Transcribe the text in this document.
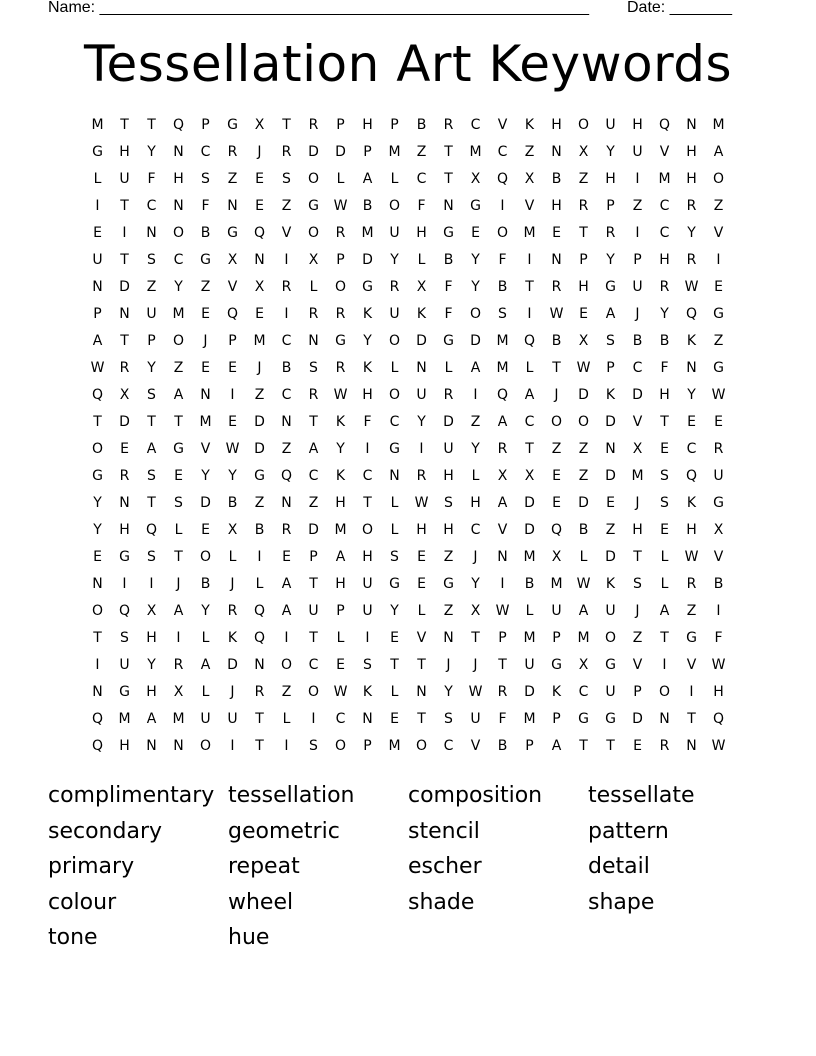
Name: _______________________________________________________ Date: _______
Tessellation Art Keywords
M	T	T	Q	P	G	X	T	R	P	H	P	B	R	C	V	K	H	O	U	H	Q	N	M
G	H	Y	N	C	R	J	R	D	D	P	M	Z	T	M	C	Z	N	X	Y	U	V	H	A
L	U	F	H	S	Z	E	S	O	L	A	L	C	T	X	Q	X	B	Z	H	I	M	H	O
I	T	C	N	F	N	E	Z	G	W	B	O	F	N	G	I	V	H	R	P	Z	C	R	Z
E	I	N	O	B	G	Q	V	O	R	M	U	H	G	E	O	M	E	T	R	I	C	Y	V
U	T	S	C	G	X	N	I	X	P	D	Y	L	B	Y	F	I	N	P	Y	P	H	R	I
N	D	Z	Y	Z	V	X	R	L	O	G	R	X	F	Y	B	T	R	H	G	U	R	W	E
P	N	U	M	E	Q	E	I	R	R	K	U	K	F	O	S	I	W	E	A	J	Y	Q	G
A	T	P	O	J	P	M	C	N	G	Y	O	D	G	D	M	Q	B	X	S	B	B	K	Z
W	R	Y	Z	E	E	J	B	S	R	K	L	N	L	A	M	L	T	W	P	C	F	N	G
Q	X	S	A	N	I	Z	C	R	W	H	O	U	R	I	Q	A	J	D	K	D	H	Y	W
T	D	T	T	M	E	D	N	T	K	F	C	Y	D	Z	A	C	O	O	D	V	T	E	E
O	E	A	G	V	W	D	Z	A	Y	I	G	I	U	Y	R	T	Z	Z	N	X	E	C	R
G	R	S	E	Y	Y	G	Q	C	K	C	N	R	H	L	X	X	E	Z	D	M	S	Q	U
Y	N	T	S	D	B	Z	N	Z	H	T	L	W	S	H	A	D	E	D	E	J	S	K	G
Y	H	Q	L	E	X	B	R	D	M	O	L	H	H	C	V	D	Q	B	Z	H	E	H	X
E	G	S	T	O	L	I	E	P	A	H	S	E	Z	J	N	M	X	L	D	T	L	W	V
N	I	I	J	B	J	L	A	T	H	U	G	E	G	Y	I	B	M	W	K	S	L	R	B
O	Q	X	A	Y	R	Q	A	U	P	U	Y	L	Z	X	W	L	U	A	U	J	A	Z	I
T	S	H	I	L	K	Q	I	T	L	I	E	V	N	T	P	M	P	M	O	Z	T	G	F
I	U	Y	R	A	D	N	O	C	E	S	T	T	J	J	T	U	G	X	G	V	I	V	W
N	G	H	X	L	J	R	Z	O	W	K	L	N	Y	W	R	D	K	C	U	P	O	I	H
Q	M	A	M	U	U	T	L	I	C	N	E	T	S	U	F	M	P	G	G	D	N	T	Q
Q	H	N	N	O	I	T	I	S	O	P	M	O	C	V	B	P	A	T	T	E	R	N	W
complimentary tessellation	composition	tessellate
secondary	geometric	stencil	pattern
primary	repeat	escher	detail
colour	wheel	shade	shape
tone	hue
